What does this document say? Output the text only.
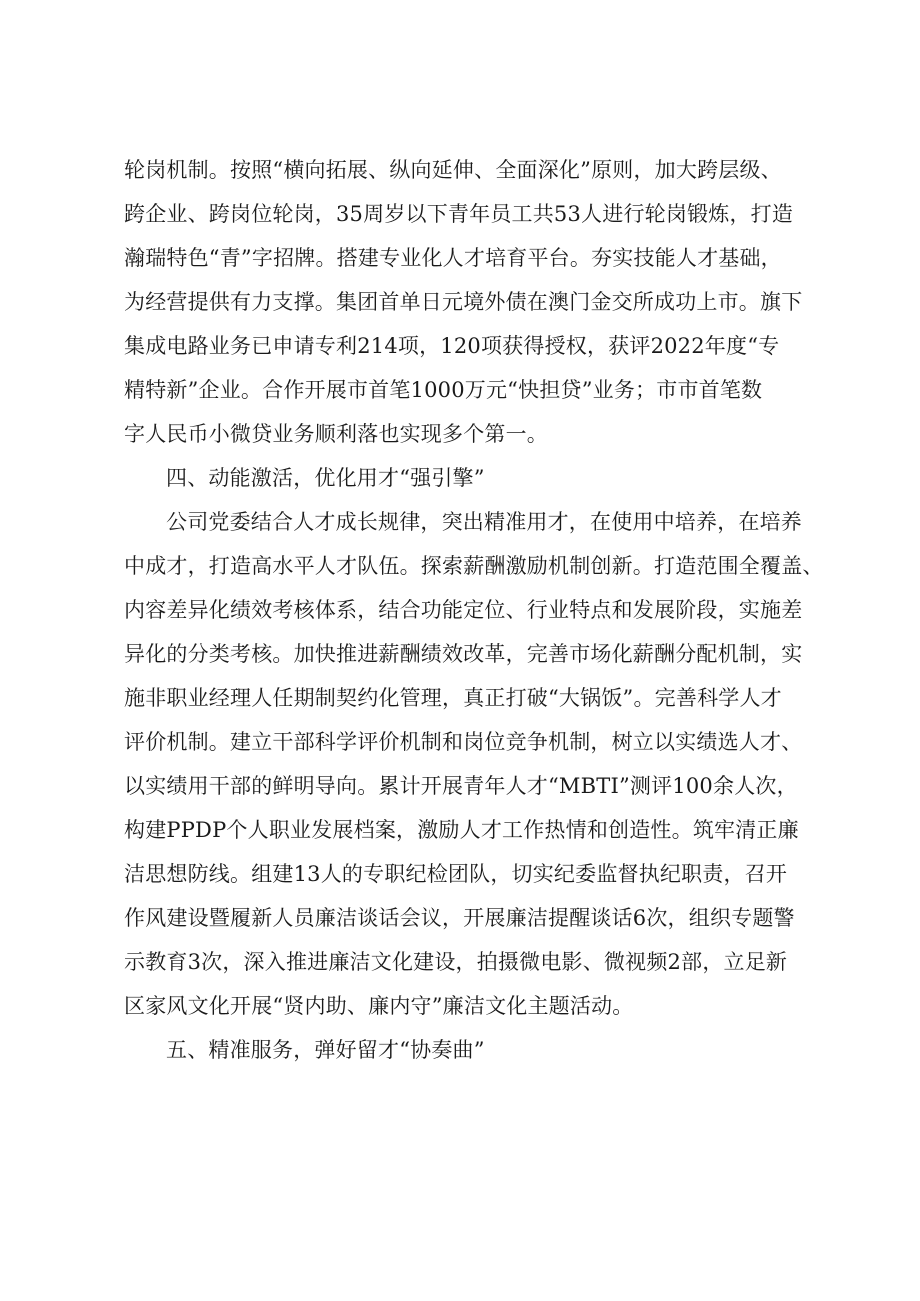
轮岗机制。按照“横向拓展、纵向延伸、全面深化”原则，加大跨层级、
跨企业、跨岗位轮岗，35周岁以下青年员工共53人进行轮岗锻炼，打造
瀚瑞特色“青”字招牌。搭建专业化人才培育平台。夯实技能人才基础，
为经营提供有力支撑。集团首单日元境外债在澳门金交所成功上市。旗下
集成电路业务已申请专利214项，120项获得授权，获评2022年度“专
精特新”企业。合作开展市首笔1000万元“快担贷”业务；市市首笔数
字人民币小微贷业务顺利落也实现多个第一。
四、动能激活，优化用才“强引擎”
公司党委结合人才成长规律，突出精准用才，在使用中培养，在培养
中成才，打造高水平人才队伍。探索薪酬激励机制创新。打造范围全覆盖、
内容差异化绩效考核体系，结合功能定位、行业特点和发展阶段，实施差
异化的分类考核。加快推进薪酬绩效改革，完善市场化薪酬分配机制，实
施非职业经理人任期制契约化管理，真正打破“大锅饭”。完善科学人才
评价机制。建立干部科学评价机制和岗位竞争机制，树立以实绩选人才、
以实绩用干部的鲜明导向。累计开展青年人才“MBTI”测评100余人次，
构建PPDP个人职业发展档案，激励人才工作热情和创造性。筑牢清正廉
洁思想防线。组建13人的专职纪检团队，切实纪委监督执纪职责，召开
作风建设暨履新人员廉洁谈话会议，开展廉洁提醒谈话6次，组织专题警
示教育3次，深入推进廉洁文化建设，拍摄微电影、微视频2部，立足新
区家风文化开展“贤内助、廉内守”廉洁文化主题活动。
五、精准服务，弹好留才“协奏曲”
